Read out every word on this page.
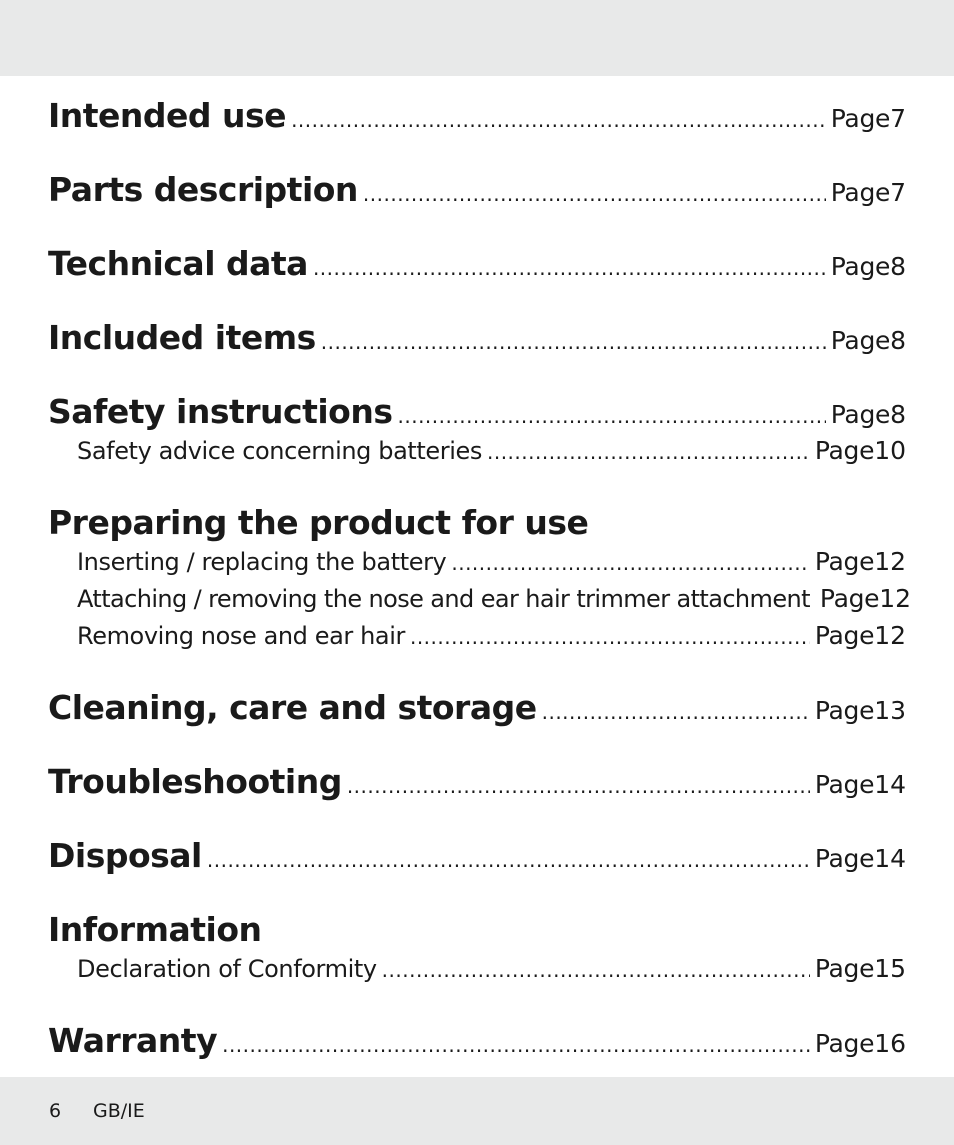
Intended use .....	Page 7
Parts description .....	Page 7
Technical data .....	Page 8
Included items .....	Page 8
Safety instructions .....	Page 8
Safety advice concerning batteries .....	Page 10
Preparing the product for use
Inserting / replacing the battery .....	Page 12
Attaching / removing the nose and ear hair trimmer attachment Page 12
Removing nose and ear hair .....	Page 12
Cleaning, care and storage .....	Page 13
Troubleshooting .....	Page 14
Disposal .....	Page 14
Information
Declaration of Conformity .....	Page 15
Warranty .....	Page 16
6 GB/IE
